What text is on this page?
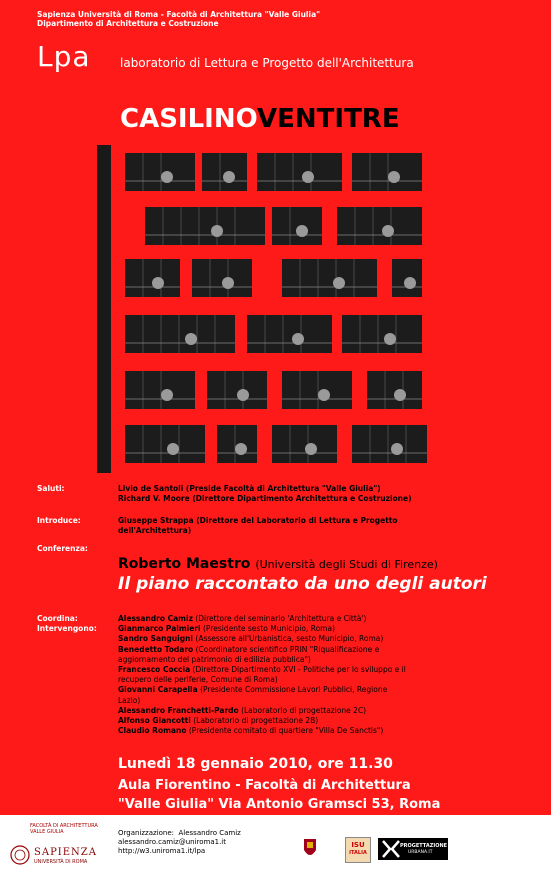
Sapienza Università di Roma - Facoltà di Architettura "Valle Giulia"
Dipartimento di Architettura e Costruzione
Lpa laboratorio di Lettura e Progetto dell'Architettura
CASILINOVENTITRE
Saluti:	Livio de Santoli (Preside Facoltà di Architettura "Valle Giulia")
Richard V. Moore (Direttore Dipartimento Architettura e Costruzione)
Introduce:	Giuseppe Strappa (Direttore del Laboratorio di Lettura e Progetto
dell'Architettura)
Conferenza:
Roberto Maestro (Università degli Studi di Firenze)
Il piano raccontato da uno degli autori
Coordina:
Intervengono:
Alessandro Camiz (Direttore del seminario 'Architettura e Città')
Gianmarco Palmieri (Presidente sesto Municipio, Roma)
Sandro Sanguigni (Assessore all'Urbanistica, sesto Municipio, Roma)
Benedetto Todaro (Coordinatore scientifico PRIN "Riqualificazione e
aggiornamento del patrimonio di edilizia pubblica")
Francesco Coccia (Direttore Dipartimento XVI - Politiche per lo sviluppo e il
recupero delle periferie, Comune di Roma)
Giovanni Carapella (Presidente Commissione Lavori Pubblici, Regione
Lazio)
Alessandro Franchetti-Pardo (Laboratorio di progettazione 2C)
Alfonso Giancotti (Laboratorio di progettazione 2B)
Claudio Romano (Presidente comitato di quartiere "Villa De Sanctis")
Lunedì 18 gennaio 2010, ore 11.30
Aula Fiorentino - Facoltà di Architettura
"Valle Giulia" Via Antonio Gramsci 53, Roma
FACOLTÀ DI ARCHITETTURA
VALLE GIULIA
SAPIENZA
UNIVERSITÀ DI ROMA
Organizzazione: Alessandro Camiz
alessandro.camiz@uniroma1.it
http://w3.uniroma1.it/lpa
ISU
ITALIA
PROGETTAZIONE
URBANA.IT
